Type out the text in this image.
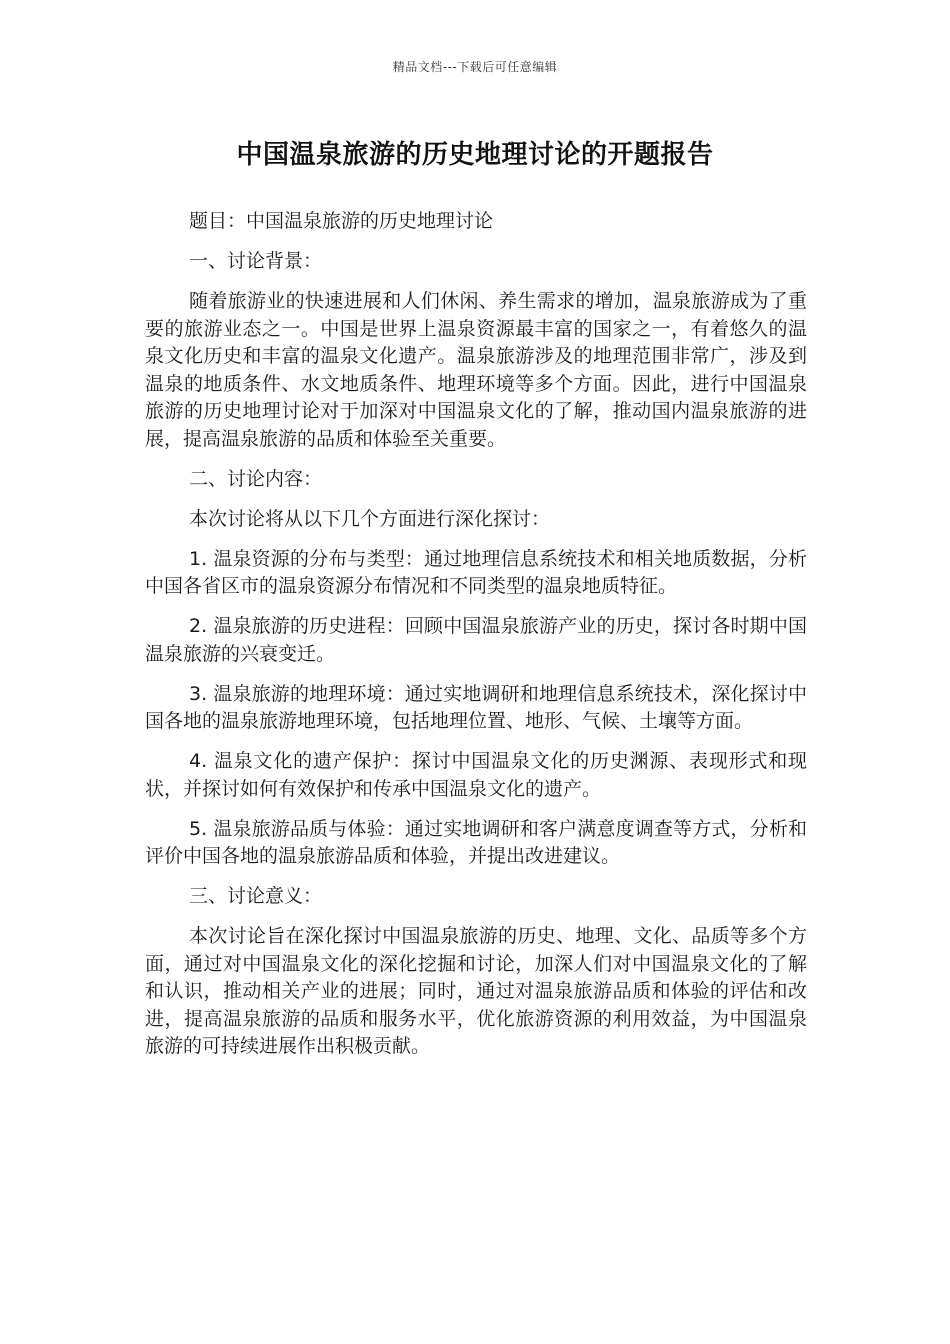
精品文档---下载后可任意编辑
中国温泉旅游的历史地理讨论的开题报告

题目：中国温泉旅游的历史地理讨论

一、讨论背景：

随着旅游业的快速进展和人们休闲、养生需求的增加，温泉旅游成为了重要的旅游业态之一。中国是世界上温泉资源最丰富的国家之一，有着悠久的温泉文化历史和丰富的温泉文化遗产。温泉旅游涉及的地理范围非常广，涉及到温泉的地质条件、水文地质条件、地理环境等多个方面。因此，进行中国温泉旅游的历史地理讨论对于加深对中国温泉文化的了解，推动国内温泉旅游的进展，提高温泉旅游的品质和体验至关重要。

二、讨论内容：

本次讨论将从以下几个方面进行深化探讨：

1. 温泉资源的分布与类型：通过地理信息系统技术和相关地质数据，分析中国各省区市的温泉资源分布情况和不同类型的温泉地质特征。

2. 温泉旅游的历史进程：回顾中国温泉旅游产业的历史，探讨各时期中国温泉旅游的兴衰变迁。

3. 温泉旅游的地理环境：通过实地调研和地理信息系统技术，深化探讨中国各地的温泉旅游地理环境，包括地理位置、地形、气候、土壤等方面。

4. 温泉文化的遗产保护：探讨中国温泉文化的历史渊源、表现形式和现状，并探讨如何有效保护和传承中国温泉文化的遗产。

5. 温泉旅游品质与体验：通过实地调研和客户满意度调查等方式，分析和评价中国各地的温泉旅游品质和体验，并提出改进建议。

三、讨论意义：

本次讨论旨在深化探讨中国温泉旅游的历史、地理、文化、品质等多个方面，通过对中国温泉文化的深化挖掘和讨论，加深人们对中国温泉文化的了解和认识，推动相关产业的进展；同时，通过对温泉旅游品质和体验的评估和改进，提高温泉旅游的品质和服务水平，优化旅游资源的利用效益，为中国温泉旅游的可持续进展作出积极贡献。
